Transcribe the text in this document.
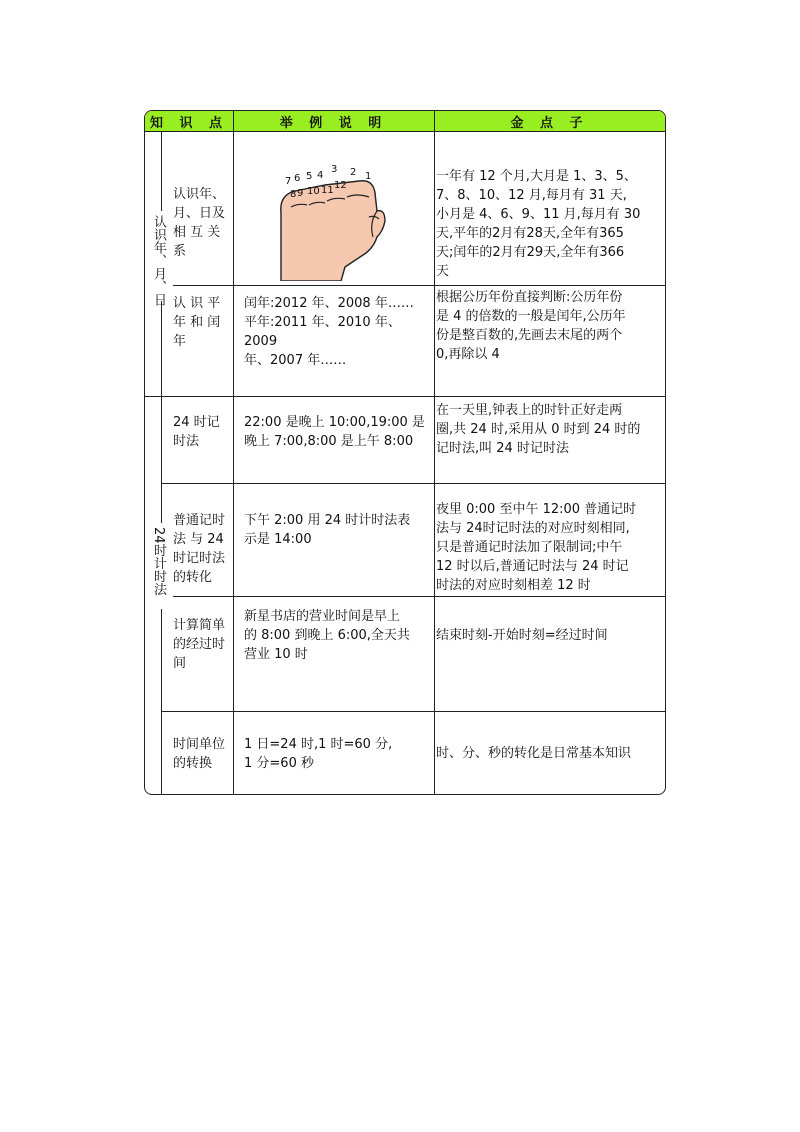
知 识 点	举 例 说 明	金 点 子
认识年、月、日
24时计时法
认识年、
月、日及
相 互 关
系
7 6 5 4
3 2 1
8 9 10 11 12
一年有 12 个月,大月是 1、3、5、
7、8、10、12 月,每月有 31 天,
小月是 4、6、9、11 月,每月有 30
天,平年的2月有28天,全年有365
天;闰年的2月有29天,全年有366
天
认 识 平
年 和 闰
年
闰年:2012 年、2008 年……
平年:2011 年、2010 年、2009
年、2007 年……
根据公历年份直接判断:公历年份
是 4 的倍数的一般是闰年,公历年
份是整百数的,先画去末尾的两个
0,再除以 4
24 时记
时法
22:00 是晚上 10:00,19:00 是
晚上 7:00,8:00 是上午 8:00
在一天里,钟表上的时针正好走两
圈,共 24 时,采用从 0 时到 24 时的
记时法,叫 24 时记时法
普通记时
法 与 24
时记时法
的转化
下午 2:00 用 24 时计时法表
示是 14:00
夜里 0:00 至中午 12:00 普通记时
法与 24时记时法的对应时刻相同,
只是普通记时法加了限制词;中午
12 时以后,普通记时法与 24 时记
时法的对应时刻相差 12 时
计算简单
的经过时
间
新星书店的营业时间是早上
的 8:00 到晚上 6:00,全天共
营业 10 时
结束时刻-开始时刻=经过时间
时间单位
的转换
1 日=24 时,1 时=60 分,
1 分=60 秒
时、分、秒的转化是日常基本知识
